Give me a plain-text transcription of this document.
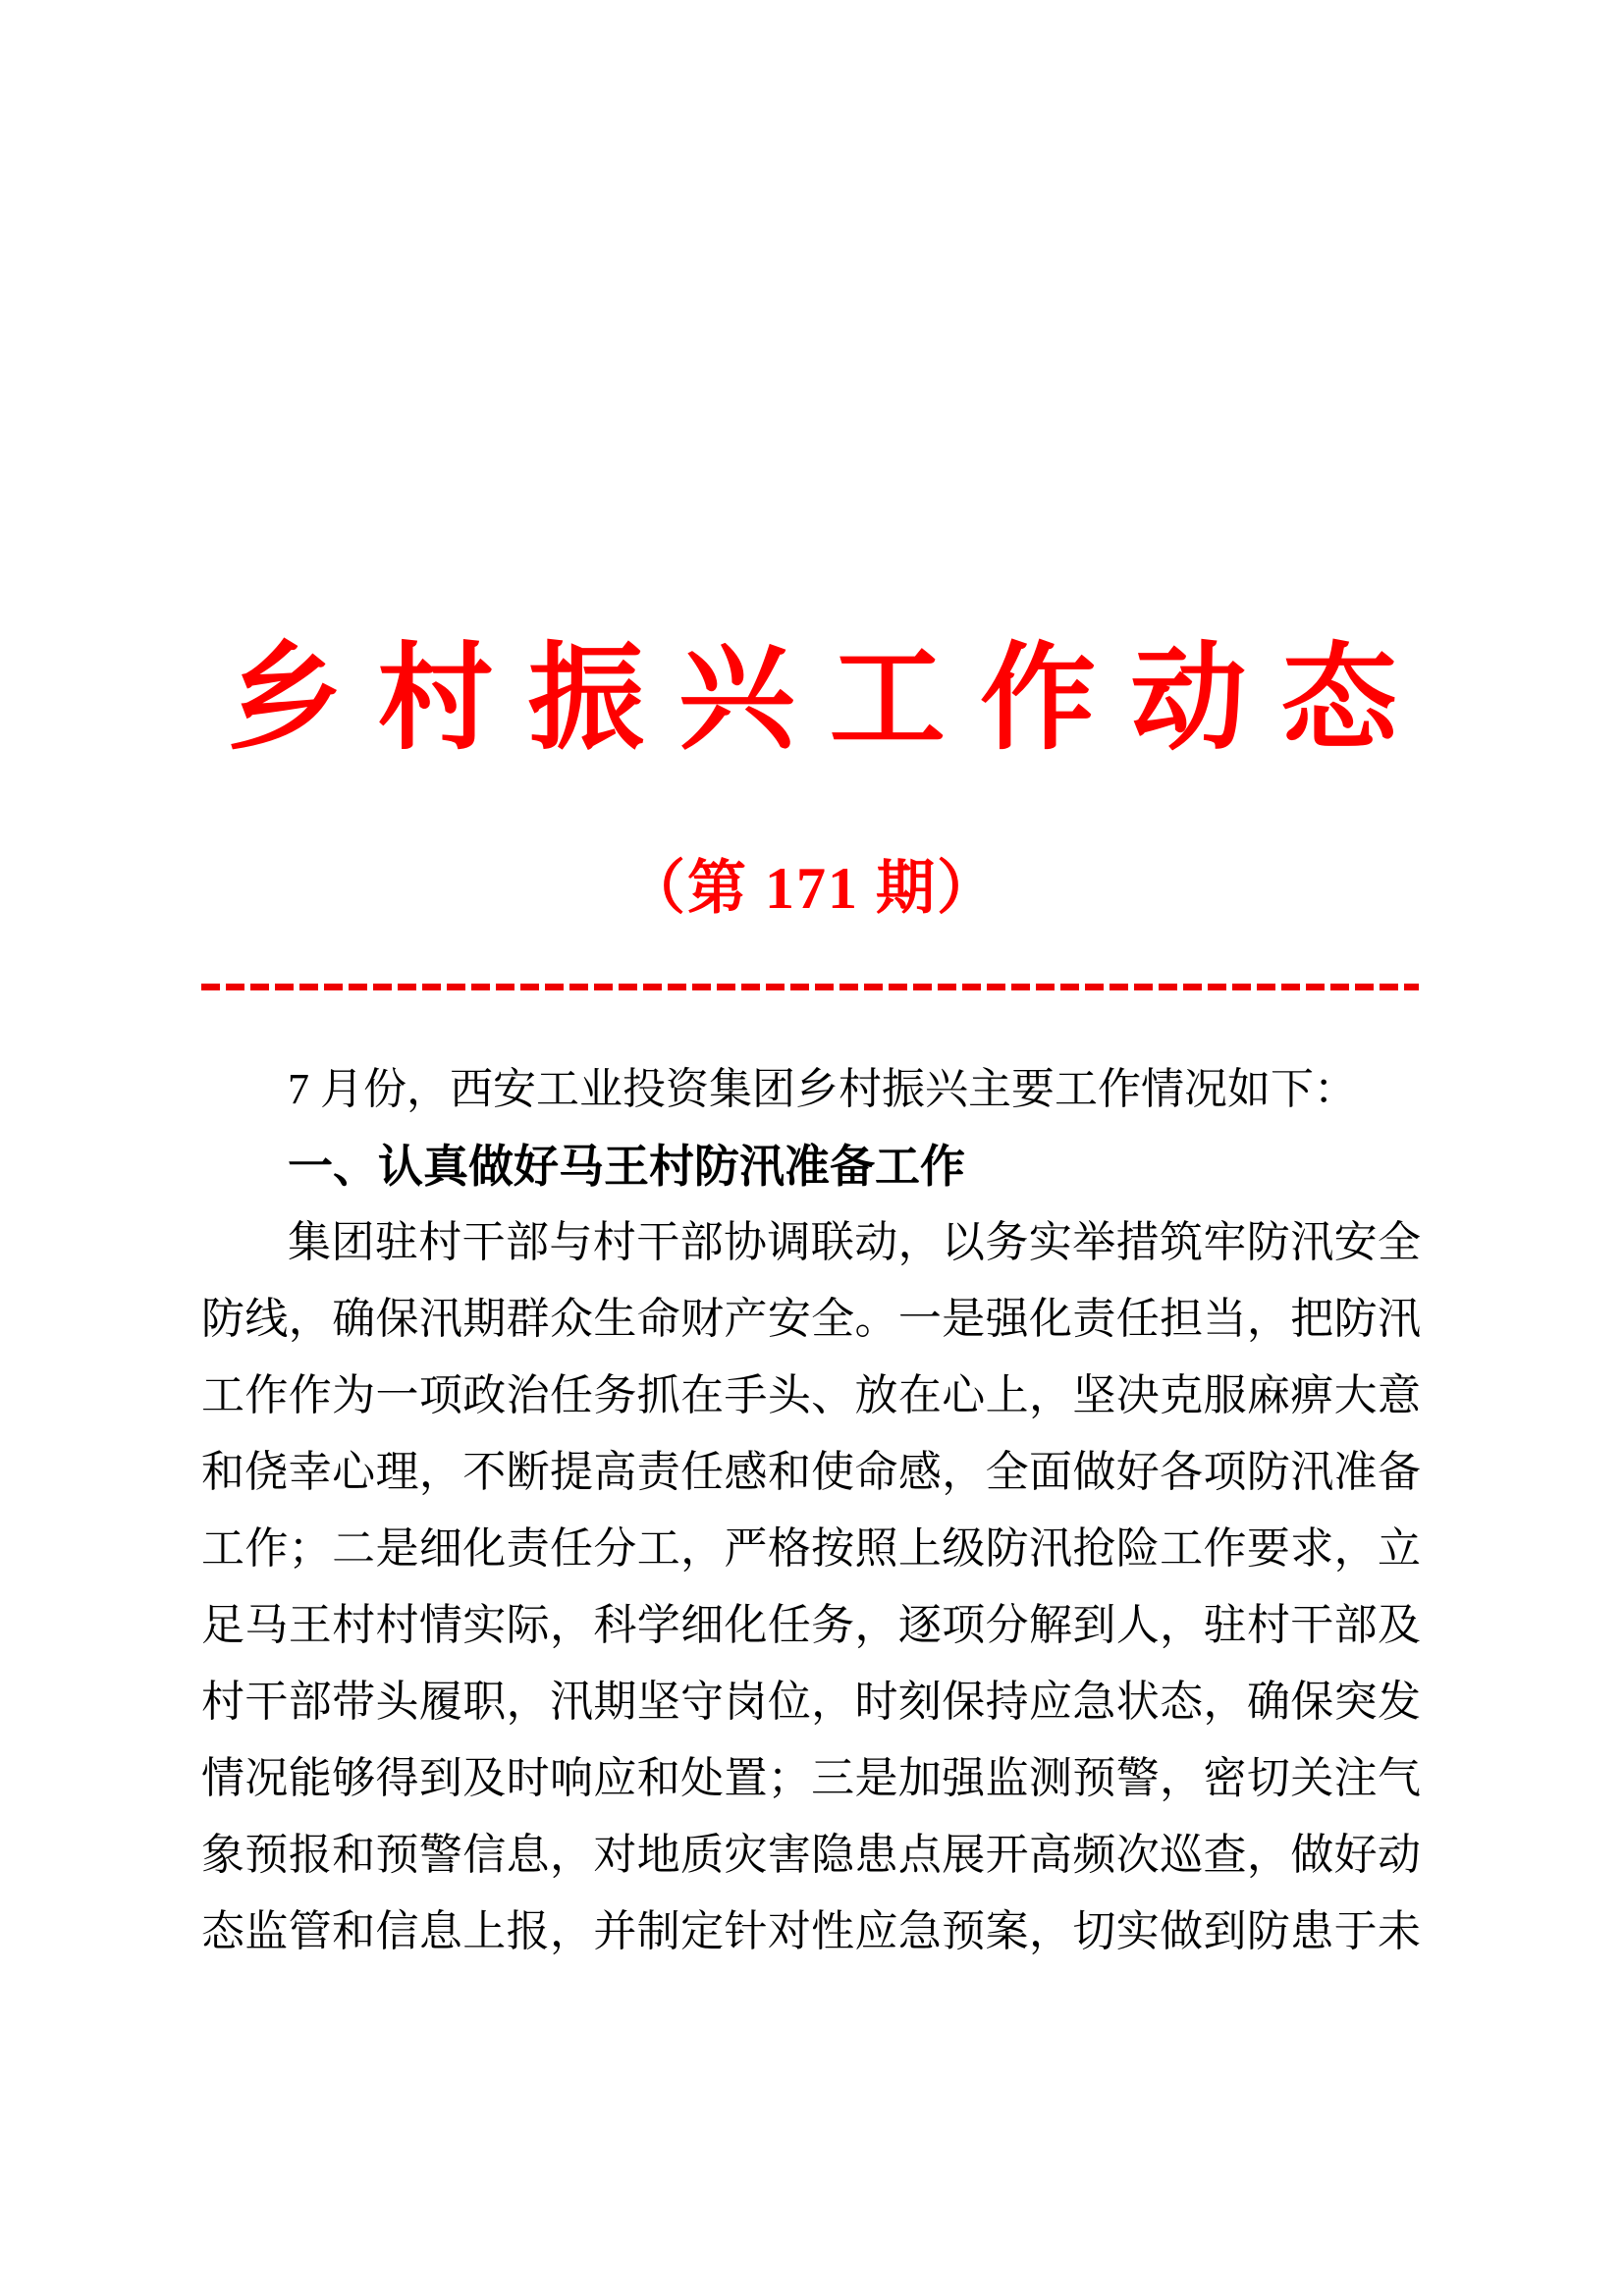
乡村振兴工作动态
（第 171 期）

7 月份，西安工业投资集团乡村振兴主要工作情况如下：

一、认真做好马王村防汛准备工作

集团驻村干部与村干部协调联动，以务实举措筑牢防汛安全

防线，确保汛期群众生命财产安全。一是强化责任担当，把防汛

工作作为一项政治任务抓在手头、放在心上，坚决克服麻痹大意

和侥幸心理，不断提高责任感和使命感，全面做好各项防汛准备

工作；二是细化责任分工，严格按照上级防汛抢险工作要求，立

足马王村村情实际，科学细化任务，逐项分解到人，驻村干部及

村干部带头履职，汛期坚守岗位，时刻保持应急状态，确保突发

情况能够得到及时响应和处置；三是加强监测预警，密切关注气

象预报和预警信息，对地质灾害隐患点展开高频次巡查，做好动

态监管和信息上报，并制定针对性应急预案，切实做到防患于未
